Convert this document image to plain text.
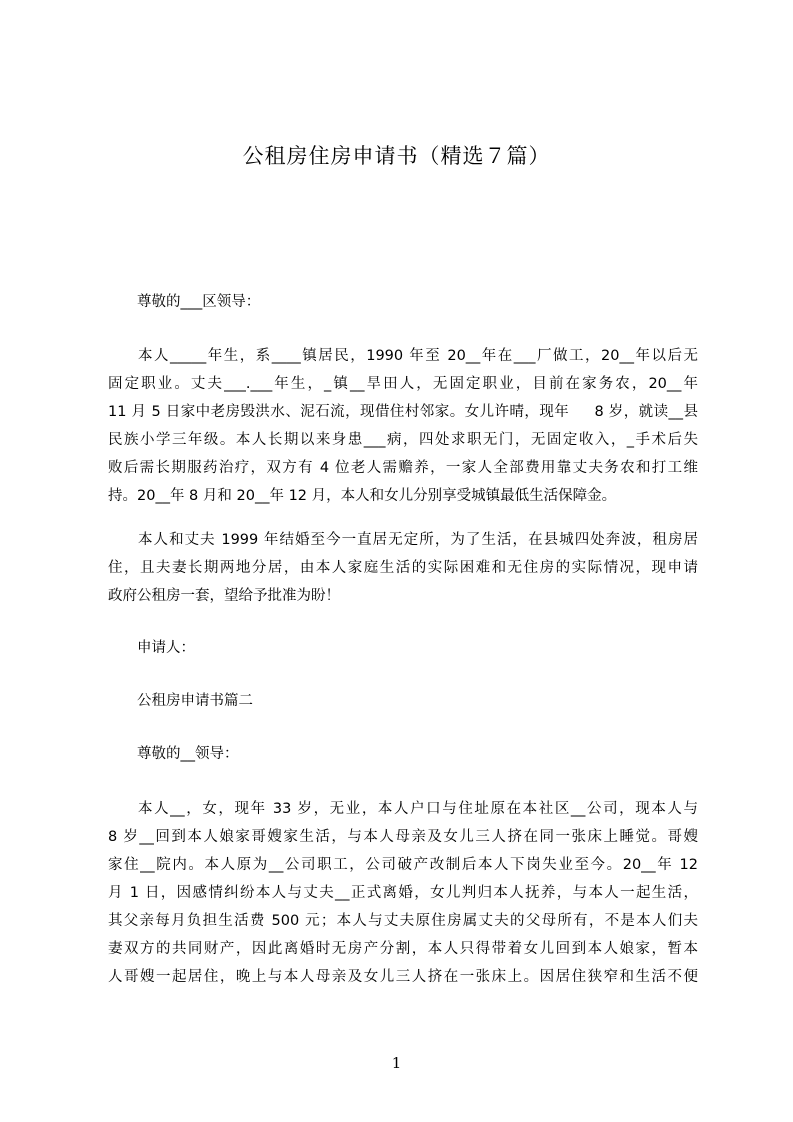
公租房住房申请书（精选７篇）
尊敬的___区领导：
本人_____年生，系____镇居民，1990 年至 20__年在___厂做工，20__年以后无
固定职业。丈夫___.___年生，_镇__旱田人，无固定职业，目前在家务农，20__年
11 月 5 日家中老房毁洪水、泥石流，现借住村邻家。女儿许晴，现年     8 岁，就读__县
民族小学三年级。本人长期以来身患___病，四处求职无门，无固定收入，_手术后失
败后需长期服药治疗，双方有 4 位老人需赡养，一家人全部费用靠丈夫务农和打工维
持。20__年 8 月和 20__年 12 月，本人和女儿分别享受城镇最低生活保障金。
本人和丈夫 1999 年结婚至今一直居无定所，为了生活，在县城四处奔波，租房居
住，且夫妻长期两地分居，由本人家庭生活的实际困难和无住房的实际情况，现申请
政府公租房一套，望给予批准为盼！
申请人：
公租房申请书篇二
尊敬的__领导：
本人__，女，现年 33 岁，无业，本人户口与住址原在本社区__公司，现本人与
8 岁__回到本人娘家哥嫂家生活，与本人母亲及女儿三人挤在同一张床上睡觉。哥嫂
家住__院内。本人原为__公司职工，公司破产改制后本人下岗失业至今。20__年 12
月 1 日，因感情纠纷本人与丈夫__正式离婚，女儿判归本人抚养，与本人一起生活，
其父亲每月负担生活费 500 元；本人与丈夫原住房属丈夫的父母所有，不是本人们夫
妻双方的共同财产，因此离婚时无房产分割，本人只得带着女儿回到本人娘家，暂本
人哥嫂一起居住，晚上与本人母亲及女儿三人挤在一张床上。因居住狭窄和生活不便
1
